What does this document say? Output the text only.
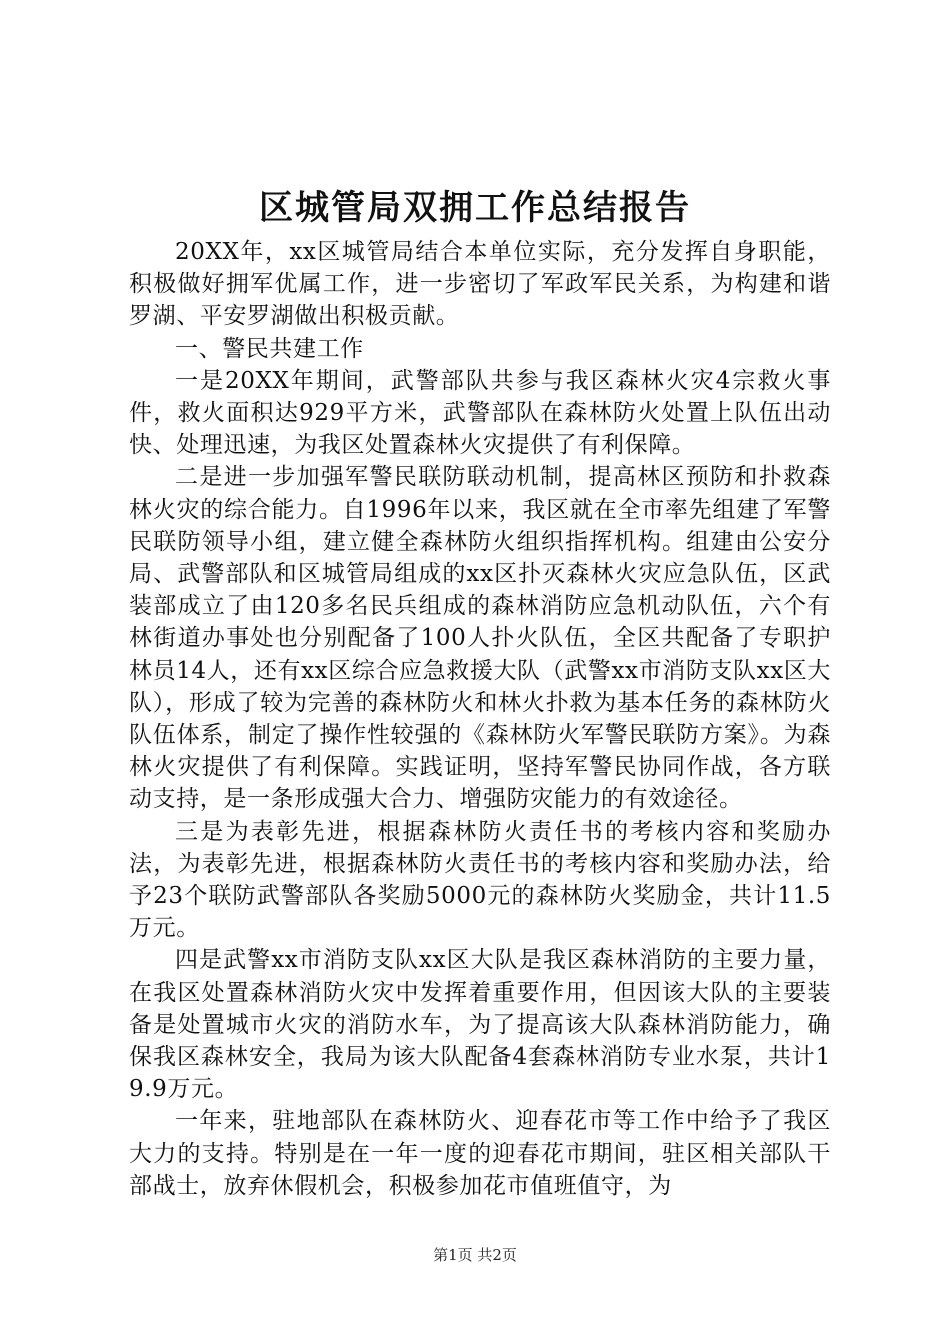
区城管局双拥工作总结报告

20XX年，xx区城管局结合本单位实际，充分发挥自身职能，积极做好拥军优属工作，进一步密切了军政军民关系，为构建和谐罗湖、平安罗湖做出积极贡献。

一、警民共建工作

一是20XX年期间，武警部队共参与我区森林火灾4宗救火事件，救火面积达929平方米，武警部队在森林防火处置上队伍出动快、处理迅速，为我区处置森林火灾提供了有利保障。

二是进一步加强军警民联防联动机制，提高林区预防和扑救森林火灾的综合能力。自1996年以来，我区就在全市率先组建了军警民联防领导小组，建立健全森林防火组织指挥机构。组建由公安分局、武警部队和区城管局组成的xx区扑灭森林火灾应急队伍，区武装部成立了由120多名民兵组成的森林消防应急机动队伍，六个有林街道办事处也分别配备了100人扑火队伍，全区共配备了专职护林员14人，还有xx区综合应急救援大队（武警xx市消防支队xx区大队），形成了较为完善的森林防火和林火扑救为基本任务的森林防火队伍体系，制定了操作性较强的《森林防火军警民联防方案》。为森林火灾提供了有利保障。实践证明，坚持军警民协同作战，各方联动支持，是一条形成强大合力、增强防灾能力的有效途径。

三是为表彰先进，根据森林防火责任书的考核内容和奖励办法，为表彰先进，根据森林防火责任书的考核内容和奖励办法，给予23个联防武警部队各奖励5000元的森林防火奖励金，共计11.5万元。

四是武警xx市消防支队xx区大队是我区森林消防的主要力量，在我区处置森林消防火灾中发挥着重要作用，但因该大队的主要装备是处置城市火灾的消防水车，为了提高该大队森林消防能力，确保我区森林安全，我局为该大队配备4套森林消防专业水泵，共计19.9万元。

一年来，驻地部队在森林防火、迎春花市等工作中给予了我区大力的支持。特别是在一年一度的迎春花市期间，驻区相关部队干部战士，放弃休假机会，积极参加花市值班值守，为

第1页 共2页
